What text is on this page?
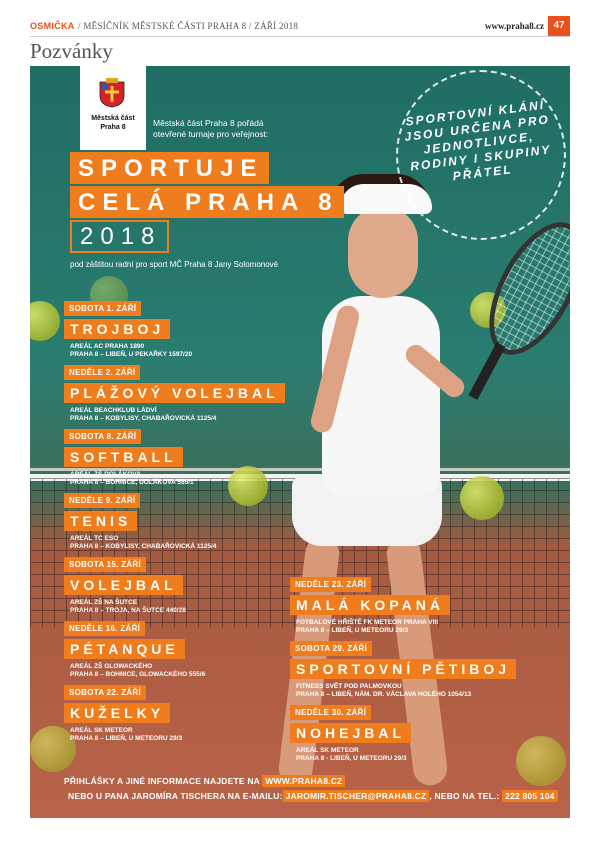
OSMIČKA / MĚSÍČNÍK MĚSTSKÉ ČÁSTI PRAHA 8 / ZÁŘÍ 2018	www.praha8.cz 47
Pozvánky
Městská část
Praha 8	Městská část Praha 8 pořádá otevřené turnaje pro veřejnost:
SPORTUJE
CELÁ PRAHA 8
2018
pod záštitou radní pro sport MČ Praha 8 Jany Solomonové
SPORTOVNÍ KLÁNÍ JSOU URČENA PRO JEDNOTLIVCE, RODINY I SKUPINY PŘÁTEL
SOBOTA 1. ZÁŘÍ
TROJBOJ
AREÁL AC PRAHA 1890
PRAHA 8 – LIBEŇ, U PEKAŘKY 1597/20
NEDĚLE 2. ZÁŘÍ
PLÁŽOVÝ VOLEJBAL
AREÁL BEACHKLUB LÁDVÍ
PRAHA 8 – KOBYLISY, CHABAŘOVICKÁ 1125/4
SOBOTA 8. ZÁŘÍ
SOFTBALL
AREÁL ZŠ DOLÁKOVA
PRAHA 8 – BOHNICE, DOLÁKOVA 555/1
NEDĚLE 9. ZÁŘÍ
TENIS
AREÁL TC ESO
PRAHA 8 – KOBYLISY, CHABAŘOVICKÁ 1125/4
SOBOTA 15. ZÁŘÍ
VOLEJBAL
AREÁL ZŠ NA ŠUTCE
PRAHA 8 – TROJA, NA ŠUTCE 440/28
NEDĚLE 16. ZÁŘÍ
PÉTANQUE
AREÁL ZŠ GLOWACKÉHO
PRAHA 8 – BOHNICE, GLOWACKÉHO 555/6
SOBOTA 22. ZÁŘÍ
KUŽELKY
AREÁL SK METEOR
PRAHA 8 – LIBEŇ, U METEORU 29/3
NEDĚLE 23. ZÁŘÍ
MALÁ KOPANÁ
FOTBALOVÉ HŘIŠTĚ FK METEOR PRAHA VIII
PRAHA 8 – LIBEŇ, U METEORU 29/3
SOBOTA 29. ZÁŘÍ
SPORTOVNÍ PĚTIBOJ
FITNESS SVĚT POD PALMOVKOU
PRAHA 8 – LIBEŇ, NÁM. DR. VÁCLAVA HOLÉHO 1054/13
NEDĚLE 30. ZÁŘÍ
NOHEJBAL
AREÁL SK METEOR
PRAHA 8 - LIBEŇ, U METEORU 29/3
PŘIHLÁŠKY A JINÉ INFORMACE NAJDETE NA WWW.PRAHA8.CZ
NEBO U PANA JAROMÍRA TISCHERA NA E-MAILU: JAROMIR.TISCHER@PRAHA8.CZ , NEBO NA TEL.: 222 805 104
